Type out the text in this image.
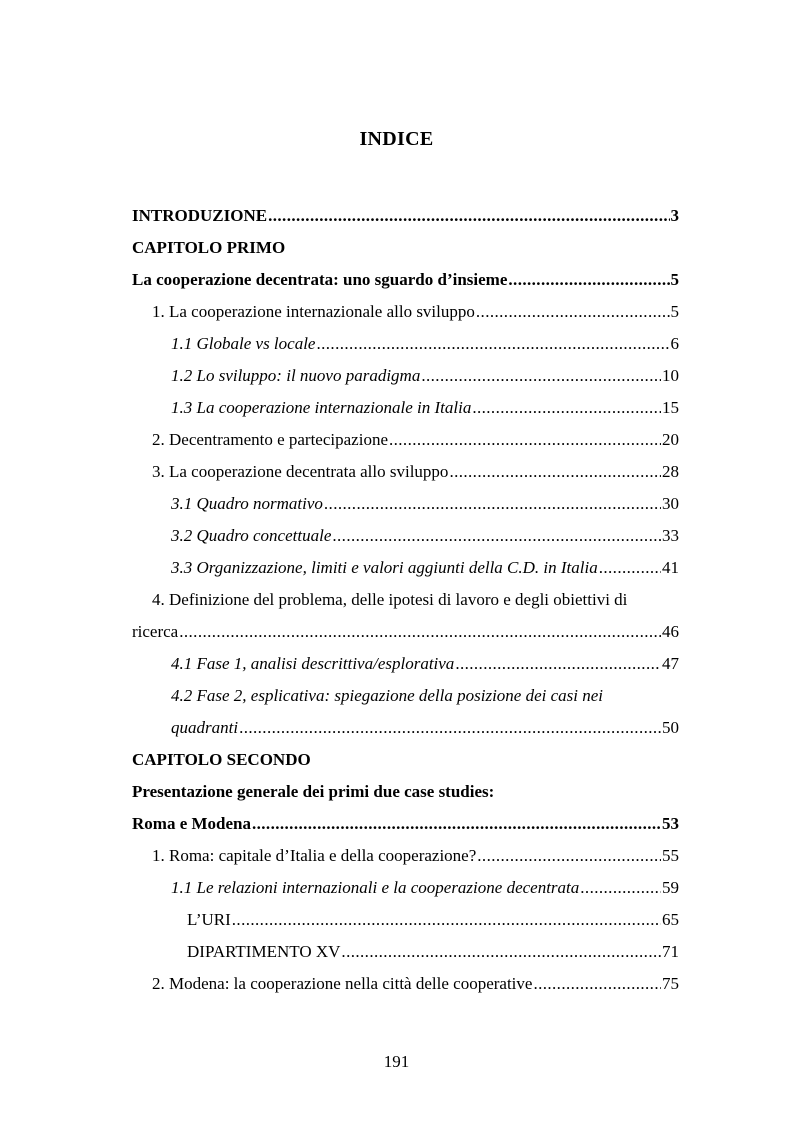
INDICE
INTRODUZIONE .....	3
CAPITOLO PRIMO
La cooperazione decentrata: uno sguardo d’insieme .....	5
1. La cooperazione internazionale allo sviluppo .....	5
1.1 Globale vs locale .....	6
1.2 Lo sviluppo: il nuovo paradigma .....	10
1.3 La cooperazione internazionale in Italia .....	15
2. Decentramento e partecipazione .....	20
3. La cooperazione decentrata allo sviluppo .....	28
3.1 Quadro normativo .....	30
3.2 Quadro concettuale .....	33
3.3 Organizzazione, limiti e valori aggiunti della C.D. in Italia .....	41
4. Definizione del problema, delle ipotesi di lavoro e degli obiettivi di
ricerca .....	46
4.1 Fase 1, analisi descrittiva/esplorativa .....	47
4.2 Fase 2, esplicativa: spiegazione della posizione dei casi nei
quadranti .....	50
CAPITOLO SECONDO
Presentazione generale dei primi due case studies:
Roma e Modena .....	53
1. Roma: capitale d’Italia e della cooperazione? .....	55
1.1 Le relazioni internazionali e la cooperazione decentrata .....	59
L’URI .....	65
DIPARTIMENTO XV .....	71
2. Modena: la cooperazione nella città delle cooperative .....	75
191
